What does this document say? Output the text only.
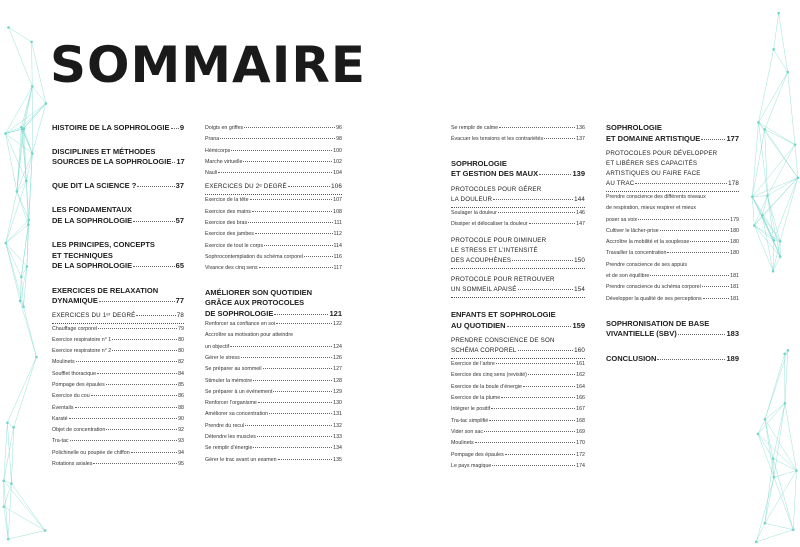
SOMMAIRE
HISTOIRE DE LA SOPHROLOGIE 9
DISCIPLINES ET MÉTHODES
SOURCES DE LA SOPHROLOGIE 17
QUE DIT LA SCIENCE ?	37
LES FONDAMENTAUX
DE LA SOPHROLOGIE	57
LES PRINCIPES, CONCEPTS
ET TECHNIQUES
DE LA SOPHROLOGIE	65
EXERCICES DE RELAXATION
DYNAMIQUE	77
EXERCICES DU 1ᵉʳ DEGRÉ	78
Chauffage corporel	79
Exercice respiratoire n° 1	80
Exercice respiratoire n° 2	80
Moulinets	82
Soufflet thoracique	84
Pompage des épaules	85
Exercice du cou	86
Éventails	88
Karaté	90
Objet de concentration	92
Tra-tac	93
Polichinelle ou poupée de chiffon	94
Rotations axiales	95
Doigts en griffes	96
Prana	98
Hémicorps	100
Marche virtuelle	102
Nauli	104
EXERCICES DU 2ᵉ DEGRÉ	106
Exercice de la tête	107
Exercice des mains	108
Exercice des bras	111
Exercice des jambes	112
Exercice de tout le corps	114
Sophrocontemplation du schéma corporel	116
Vivance des cinq sens	117
AMÉLIORER SON QUOTIDIEN
GRÂCE AUX PROTOCOLES
DE SOPHROLOGIE	121
Renforcer sa confiance en soi	122
Accroître sa motivation pour atteindre
un objectif	124
Gérer le stress	126
Se préparer au sommeil	127
Stimuler la mémoire	128
Se préparer à un événement	129
Renforcer l’organisme	130
Améliorer sa concentration	131
Prendre du recul	132
Détendre les muscles	133
Se remplir d’énergie	134
Gérer le trac avant un examen	135
Se remplir de calme	136
Évacuer les tensions et les contrariétés	137
SOPHROLOGIE
ET GESTION DES MAUX	139
PROTOCOLES POUR GÉRER
LA DOULEUR	144
Soulager la douleur	146
Dissiper et délocaliser la douleur	147
PROTOCOLE POUR DIMINUER
LE STRESS ET L’INTENSITÉ
DES ACOUPHÈNES	150
PROTOCOLE POUR RETROUVER
UN SOMMEIL APAISÉ	154
ENFANTS ET SOPHROLOGIE
AU QUOTIDIEN	159
PRENDRE CONSCIENCE DE SON
SCHÉMA CORPOREL	160
Exercice de l’arbre	161
Exercice des cinq sens (revisité)	162
Exercice de la boule d’énergie	164
Exercice de la plume	166
Intégrer le positif	167
Tra-tac simplifié	168
Vider son sac	169
Moulinets	170
Pompage des épaules	172
Le pays magique	174
SOPHROLOGIE
ET DOMAINE ARTISTIQUE	177
PROTOCOLES POUR DÉVELOPPER
ET LIBÉRER SES CAPACITÉS
ARTISTIQUES OU FAIRE FACE
AU TRAC	178
Prendre conscience des différents niveaux
de respiration, mieux respirer et mieux
poser sa voix	179
Cultiver le lâcher-prise	180
Accroître la mobilité et la souplesse	180
Travailler la concentration	180
Prendre conscience de ses appuis
et de son équilibre	181
Prendre conscience du schéma corporel	181
Développer la qualité de ses perceptions	181
SOPHRONISATION DE BASE
VIVANTIELLE (SBV)	183
CONCLUSION	189
